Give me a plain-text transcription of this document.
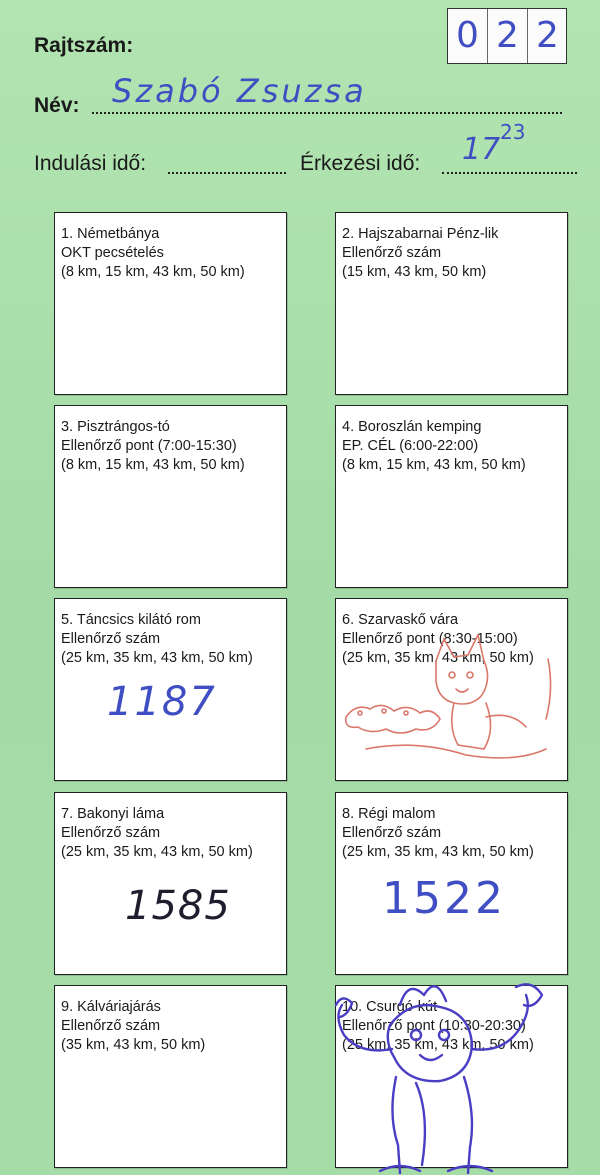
Rajtszám:	0 2 2
Név: Szabó Zsuzsa
Indulási idő:	Érkezési idő: 17 23
1. Németbánya
OKT pecsételés
(8 km, 15 km, 43 km, 50 km)
2. Hajszabarnai Pénz-lik
Ellenőrző szám
(15 km, 43 km, 50 km)
3. Pisztrángos-tó
Ellenőrző pont (7:00-15:30)
(8 km, 15 km, 43 km, 50 km)
4. Boroszlán kemping
EP. CÉL (6:00-22:00)
(8 km, 15 km, 43 km, 50 km)
5. Táncsics kilátó rom
Ellenőrző szám
(25 km, 35 km, 43 km, 50 km)
1187
6. Szarvaskő vára
Ellenőrző pont (8:30-15:00)
(25 km, 35 km, 43 km, 50 km)
7. Bakonyi láma
Ellenőrző szám
(25 km, 35 km, 43 km, 50 km)
1585
8. Régi malom
Ellenőrző szám
(25 km, 35 km, 43 km, 50 km)
1522
9. Kálváriajárás
Ellenőrző szám
(35 km, 43 km, 50 km)
10. Csurgó-kút
Ellenőrző pont (10:30-20:30)
(25 km, 35 km, 43 km, 50 km)
